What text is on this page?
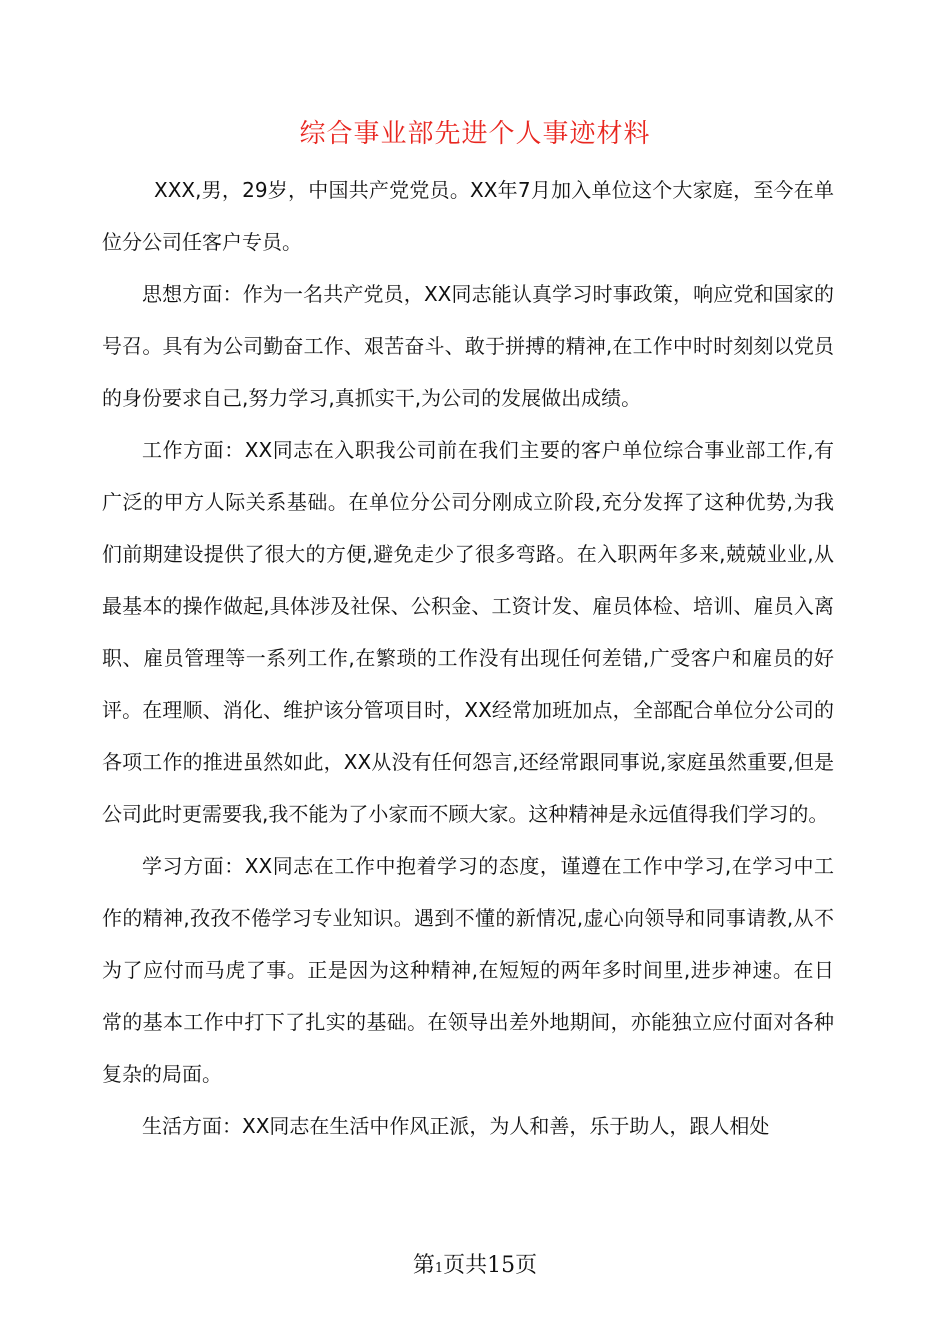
综合事业部先进个人事迹材料

XXX,男，29岁，中国共产党党员。XX年7月加入单位这个大家庭，至今在单位分公司任客户专员。

思想方面：作为一名共产党员，XX同志能认真学习时事政策，响应党和国家的号召。具有为公司勤奋工作、艰苦奋斗、敢于拼搏的精神,在工作中时时刻刻以党员的身份要求自己,努力学习,真抓实干,为公司的发展做出成绩。

工作方面：XX同志在入职我公司前在我们主要的客户单位综合事业部工作,有广泛的甲方人际关系基础。在单位分公司分刚成立阶段,充分发挥了这种优势,为我们前期建设提供了很大的方便,避免走少了很多弯路。在入职两年多来,兢兢业业,从最基本的操作做起,具体涉及社保、公积金、工资计发、雇员体检、培训、雇员入离职、雇员管理等一系列工作,在繁琐的工作没有出现任何差错,广受客户和雇员的好评。在理顺、消化、维护该分管项目时，XX经常加班加点，全部配合单位分公司的各项工作的推进虽然如此，XX从没有任何怨言,还经常跟同事说,家庭虽然重要,但是公司此时更需要我,我不能为了小家而不顾大家。这种精神是永远值得我们学习的。

学习方面：XX同志在工作中抱着学习的态度，谨遵在工作中学习,在学习中工作的精神,孜孜不倦学习专业知识。遇到不懂的新情况,虚心向领导和同事请教,从不为了应付而马虎了事。正是因为这种精神,在短短的两年多时间里,进步神速。在日常的基本工作中打下了扎实的基础。在领导出差外地期间，亦能独立应付面对各种复杂的局面。

生活方面：XX同志在生活中作风正派，为人和善，乐于助人，跟人相处

第1页共15页
